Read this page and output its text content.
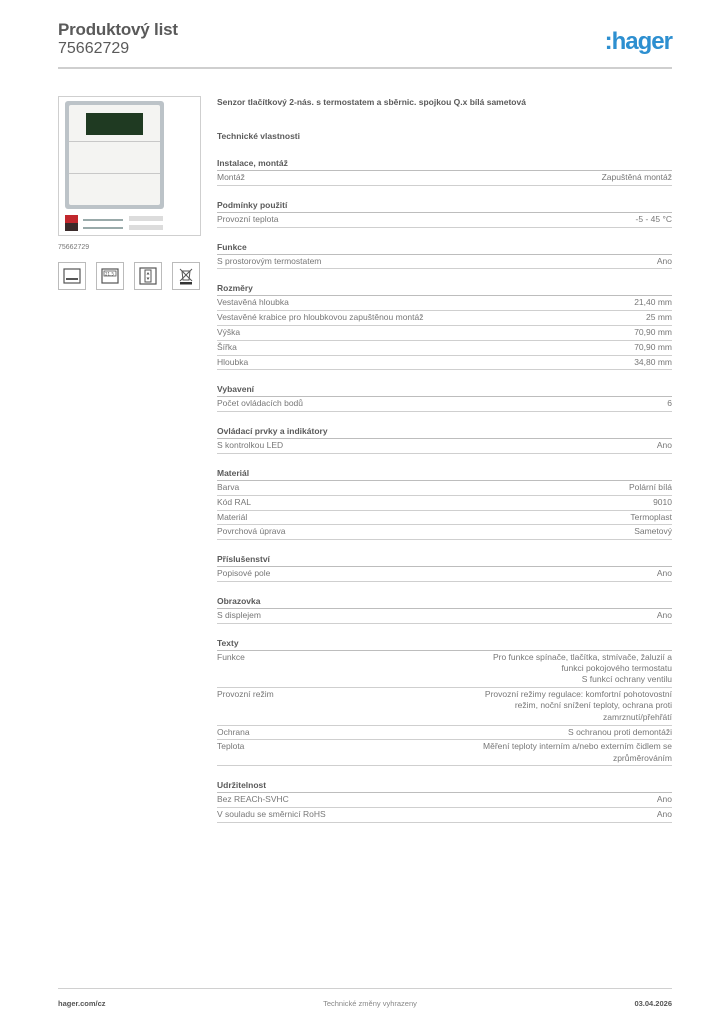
Produktový list
75662729	:hager
75662729
21.5
Senzor tlačítkový 2-nás. s termostatem a sběrnic. spojkou Q.x bílá sametová
Technické vlastnosti
Instalace, montáž
Montáž	Zapuštěná montáž
Podmínky použití
Provozní teplota	-5 - 45 °C
Funkce
S prostorovým termostatem	Ano
Rozměry
Vestavěná hloubka	21,40 mm
Vestavěné krabice pro hloubkovou zapuštěnou montáž	25 mm
Výška	70,90 mm
Šířka	70,90 mm
Hloubka	34,80 mm
Vybavení
Počet ovládacích bodů	6
Ovládací prvky a indikátory
S kontrolkou LED	Ano
Materiál
Barva	Polární bílá
Kód RAL	9010
Materiál	Termoplast
Povrchová úprava	Sametový
Příslušenství
Popisové pole	Ano
Obrazovka
S displejem	Ano
Texty
Funkce	Pro funkce spínače, tlačítka, stmívače, žaluzií a
funkci pokojového termostatu
S funkcí ochrany ventilu
Provozní režim	Provozní režimy regulace: komfortní pohotovostní
režim, noční snížení teploty, ochrana proti
zamrznutí/přehřátí
Ochrana	S ochranou proti demontáži
Teplota	Měření teploty interním a/nebo externím čidlem se
zprůměrováním
Udržitelnost
Bez REACh-SVHC	Ano
V souladu se směrnicí RoHS	Ano
hager.com/cz	Technické změny vyhrazeny	03.04.2026
